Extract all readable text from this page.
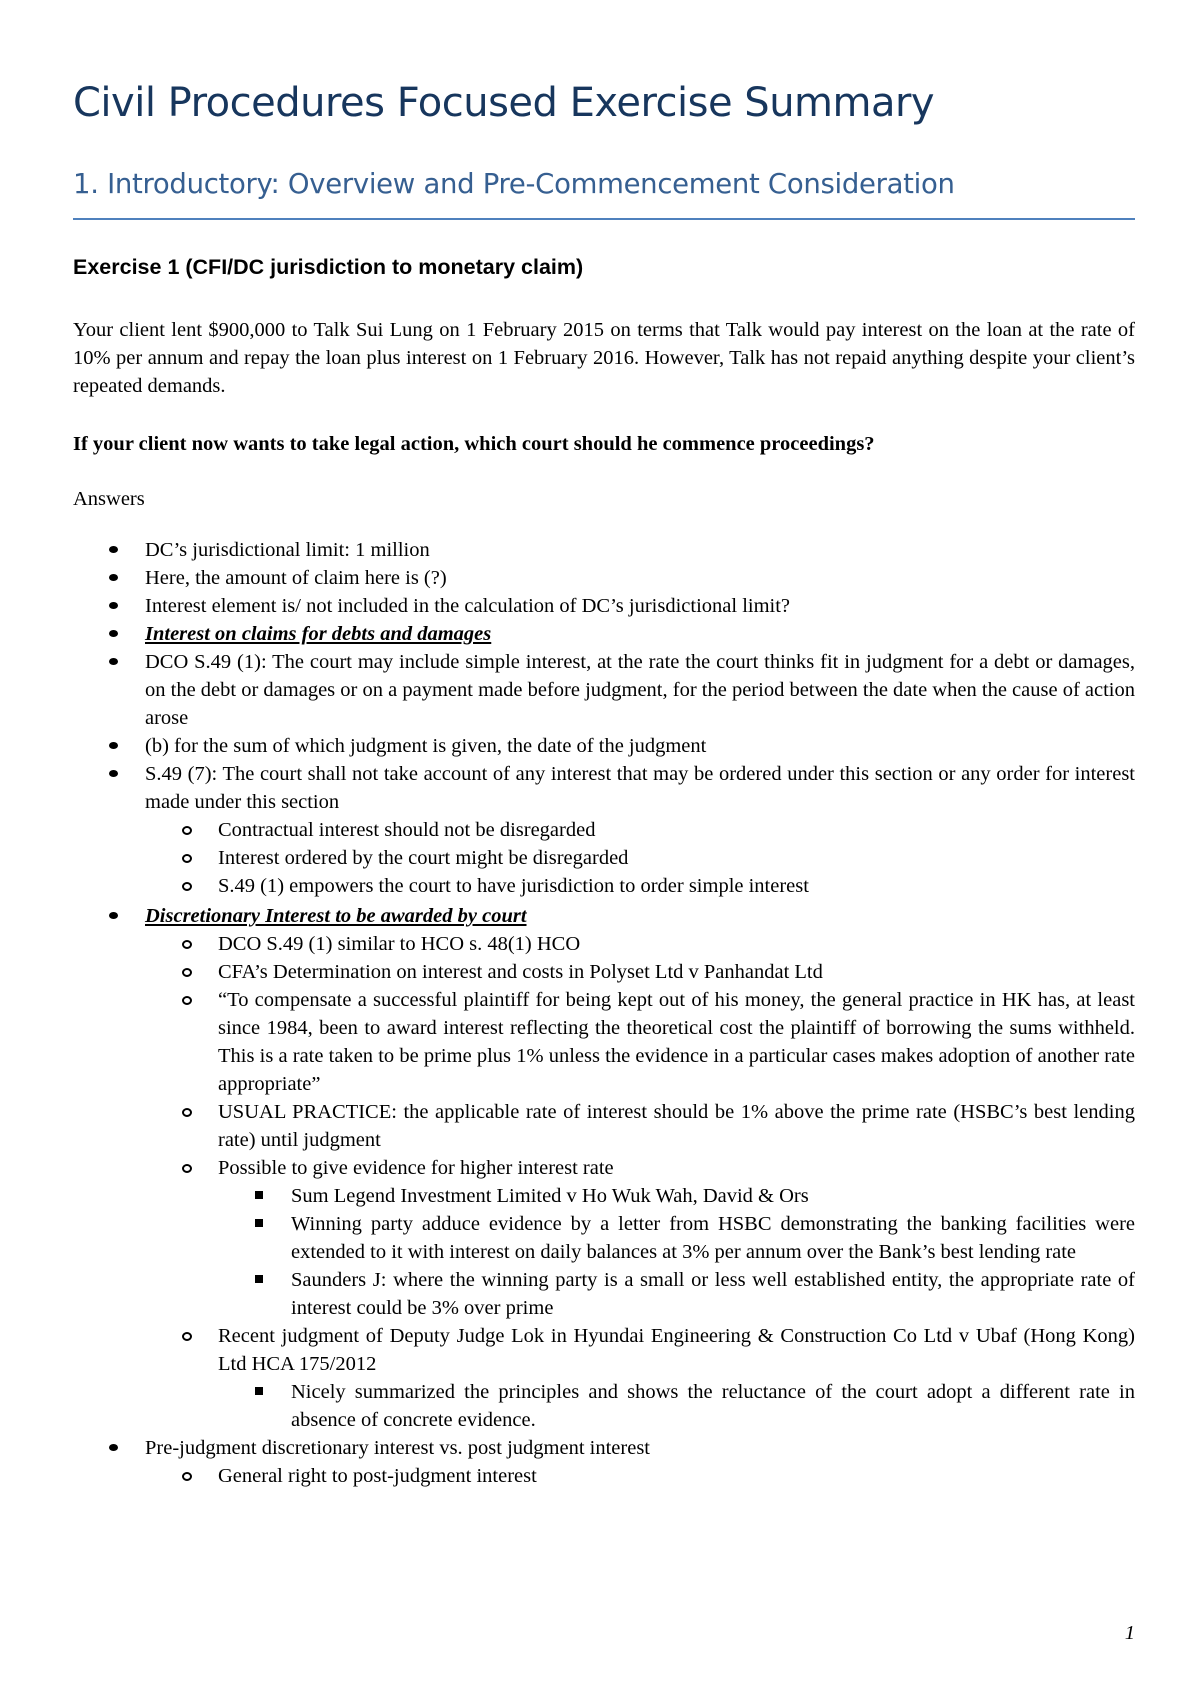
Civil Procedures Focused Exercise Summary
1. Introductory: Overview and Pre-Commencement Consideration
Exercise 1 (CFI/DC jurisdiction to monetary claim)
Your client lent $900,000 to Talk Sui Lung on 1 February 2015 on terms that Talk would pay interest on the loan at the rate of 10% per annum and repay the loan plus interest on 1 February 2016. However, Talk has not repaid anything despite your client’s repeated demands.
If your client now wants to take legal action, which court should he commence proceedings?
Answers
DC’s jurisdictional limit: 1 million
Here, the amount of claim here is (?)
Interest element is/ not included in the calculation of DC’s jurisdictional limit?
Interest on claims for debts and damages
DCO S.49 (1): The court may include simple interest, at the rate the court thinks fit in judgment for a debt or damages, on the debt or damages or on a payment made before judgment, for the period between the date when the cause of action arose
(b) for the sum of which judgment is given, the date of the judgment
S.49 (7): The court shall not take account of any interest that may be ordered under this section or any order for interest made under this section
Contractual interest should not be disregarded
Interest ordered by the court might be disregarded
S.49 (1) empowers the court to have jurisdiction to order simple interest
Discretionary Interest to be awarded by court
DCO S.49 (1) similar to HCO s. 48(1) HCO
CFA’s Determination on interest and costs in Polyset Ltd v Panhandat Ltd
“To compensate a successful plaintiff for being kept out of his money, the general practice in HK has, at least since 1984, been to award interest reflecting the theoretical cost the plaintiff of borrowing the sums withheld. This is a rate taken to be prime plus 1% unless the evidence in a particular cases makes adoption of another rate appropriate”
USUAL PRACTICE: the applicable rate of interest should be 1% above the prime rate (HSBC’s best lending rate) until judgment
Possible to give evidence for higher interest rate
Sum Legend Investment Limited v Ho Wuk Wah, David & Ors
Winning party adduce evidence by a letter from HSBC demonstrating the banking facilities were extended to it with interest on daily balances at 3% per annum over the Bank’s best lending rate
Saunders J: where the winning party is a small or less well established entity, the appropriate rate of interest could be 3% over prime
Recent judgment of Deputy Judge Lok in Hyundai Engineering & Construction Co Ltd v Ubaf (Hong Kong) Ltd HCA 175/2012
Nicely summarized the principles and shows the reluctance of the court adopt a different rate in absence of concrete evidence.
Pre-judgment discretionary interest vs. post judgment interest
General right to post-judgment interest
1
